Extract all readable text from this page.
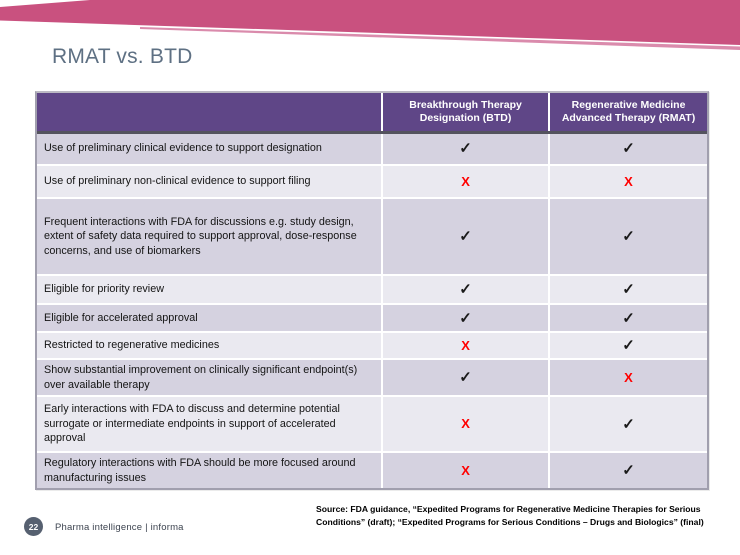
RMAT vs. BTD
	Breakthrough Therapy Designation (BTD)	Regenerative Medicine Advanced Therapy (RMAT)
Use of preliminary clinical evidence to support designation	✓	✓
Use of preliminary non-clinical evidence to support filing	X	X
Frequent interactions with FDA for discussions e.g. study design, extent of safety data required to support approval, dose-response concerns, and use of biomarkers	✓	✓
Eligible for priority review	✓	✓
Eligible for accelerated approval	✓	✓
Restricted to regenerative medicines	X	✓
Show substantial improvement on clinically significant endpoint(s) over available therapy	✓	X
Early interactions with FDA to discuss and determine potential surrogate or intermediate endpoints in support of accelerated approval	X	✓
Regulatory interactions with FDA should be more focused around manufacturing issues	X	✓
Source: FDA guidance, “Expedited Programs for Regenerative Medicine Therapies for Serious
Conditions” (draft); “Expedited Programs for Serious Conditions – Drugs and Biologics” (final)
22	Pharma intelligence | informa
